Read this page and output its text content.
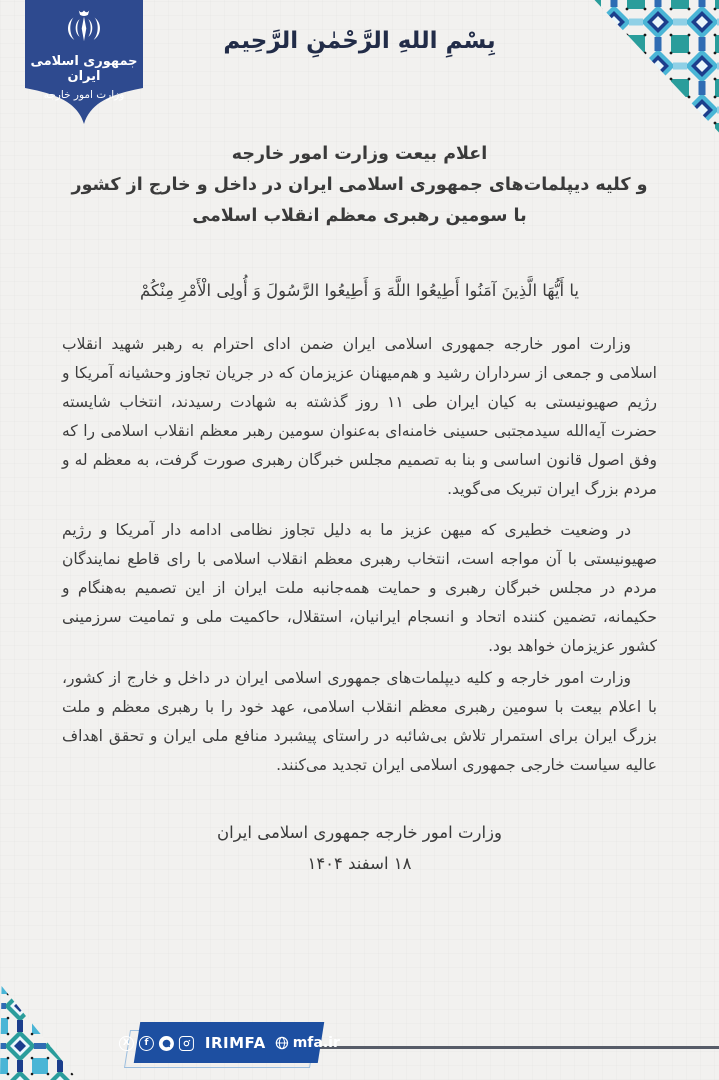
جمهوری اسلامی ایران
وزارت امور خارجه
بِسْمِ اللهِ الرَّحْمٰنِ الرَّحِیم
اعلام بیعت وزارت امور خارجه
و کلیه دیپلمات‌های جمهوری اسلامی ایران در داخل و خارج از کشور
با سومین رهبری معظم انقلاب اسلامی
یا أَیُّهَا الَّذِینَ آمَنُوا أَطِیعُوا اللَّهَ وَ أَطِیعُوا الرَّسُولَ وَ أُولِی الْأَمْرِ مِنْکُمْ

وزارت امور خارجه جمهوری اسلامی ایران ضمن ادای احترام به رهبر شهید انقلاب اسلامی و جمعی از سرداران رشید و هم‌میهنان عزیزمان که در جریان تجاوز وحشیانه آمریکا و رژیم صهیونیستی به کیان ایران طی ۱۱ روز گذشته به شهادت رسیدند، انتخاب شایسته حضرت آیه‌الله سیدمجتبی حسینی خامنه‌ای به‌عنوان سومین رهبر معظم انقلاب اسلامی را که وفق اصول قانون اساسی و بنا به تصمیم مجلس خبرگان رهبری صورت گرفت، به معظم له و مردم بزرگ ایران تبریک می‌گوید.

در وضعیت خطیری که میهن عزیز ما به دلیل تجاوز نظامی ادامه دار آمریکا و رژیم صهیونیستی با آن مواجه است، انتخاب رهبری معظم انقلاب اسلامی با رای قاطع نمایندگان مردم در مجلس خبرگان رهبری و حمایت همه‌جانبه ملت ایران از این تصمیم به‌هنگام و حکیمانه، تضمین کننده اتحاد و انسجام ایرانیان، استقلال، حاکمیت ملی و تمامیت سرزمینی کشور عزیزمان خواهد بود.

وزارت امور خارجه و کلیه دیپلمات‌های جمهوری اسلامی ایران در داخل و خارج از کشور، با اعلام بیعت با سومین رهبری معظم انقلاب اسلامی، عهد خود را با رهبری معظم و ملت بزرگ ایران برای استمرار تلاش بی‌شائبه در راستای پیشبرد منافع ملی ایران و تحقق اهداف عالیه سیاست خارجی جمهوری اسلامی ایران تجدید می‌کنند.

وزارت امور خارجه جمهوری اسلامی ایران
۱۸ اسفند ۱۴۰۴
X	f	IRIMFA mfa.ir
